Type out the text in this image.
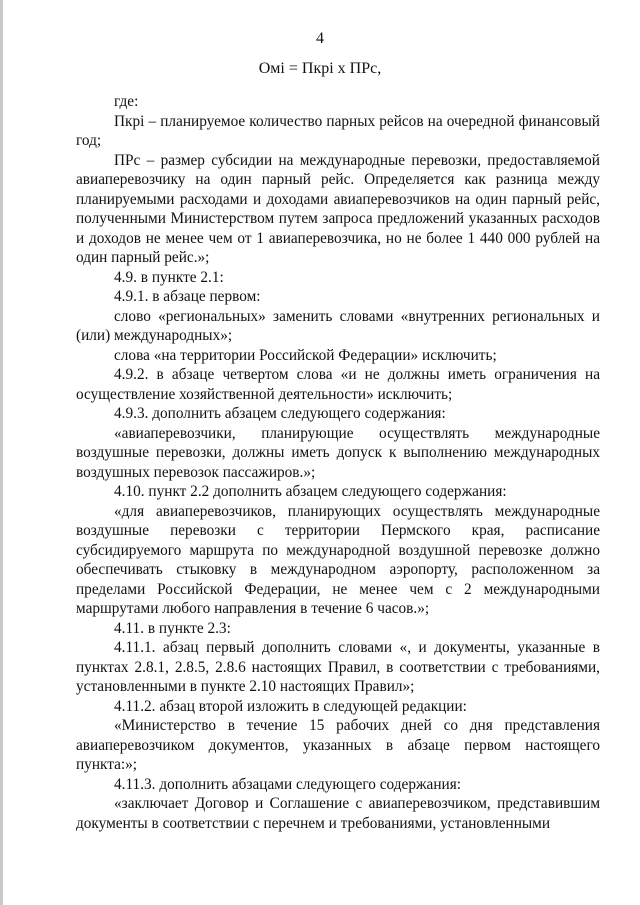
4
Омi = Пкрi x ПРс,

где:

Пкрi – планируемое количество парных рейсов на очередной финансовый год;

ПРс – размер субсидии на международные перевозки, предоставляемой авиаперевозчику на один парный рейс. Определяется как разница между планируемыми расходами и доходами авиаперевозчиков на один парный рейс, полученными Министерством путем запроса предложений указанных расходов и доходов не менее чем от 1 авиаперевозчика, но не более 1 440 000 рублей на один парный рейс.»;

4.9. в пункте 2.1:

4.9.1. в абзаце первом:

слово «региональных» заменить словами «внутренних региональных и (или) международных»;

слова «на территории Российской Федерации» исключить;

4.9.2. в абзаце четвертом слова «и не должны иметь ограничения на осуществление хозяйственной деятельности» исключить;

4.9.3. дополнить абзацем следующего содержания:

«авиаперевозчики, планирующие осуществлять международные воздушные перевозки, должны иметь допуск к выполнению международных воздушных перевозок пассажиров.»;

4.10. пункт 2.2 дополнить абзацем следующего содержания:

«для авиаперевозчиков, планирующих осуществлять международные воздушные перевозки с территории Пермского края, расписание субсидируемого маршрута по международной воздушной перевозке должно обеспечивать стыковку в международном аэропорту, расположенном за пределами Российской Федерации, не менее чем с 2 международными маршрутами любого направления в течение 6 часов.»;

4.11. в пункте 2.3:

4.11.1. абзац первый дополнить словами «, и документы, указанные в пунктах 2.8.1, 2.8.5, 2.8.6 настоящих Правил, в соответствии с требованиями, установленными в пункте 2.10 настоящих Правил»;

4.11.2. абзац второй изложить в следующей редакции:

«Министерство в течение 15 рабочих дней со дня представления авиаперевозчиком документов, указанных в абзаце первом настоящего пункта:»;

4.11.3. дополнить абзацами следующего содержания:

«заключает Договор и Соглашение с авиаперевозчиком, представившим документы в соответствии с перечнем и требованиями, установленными
